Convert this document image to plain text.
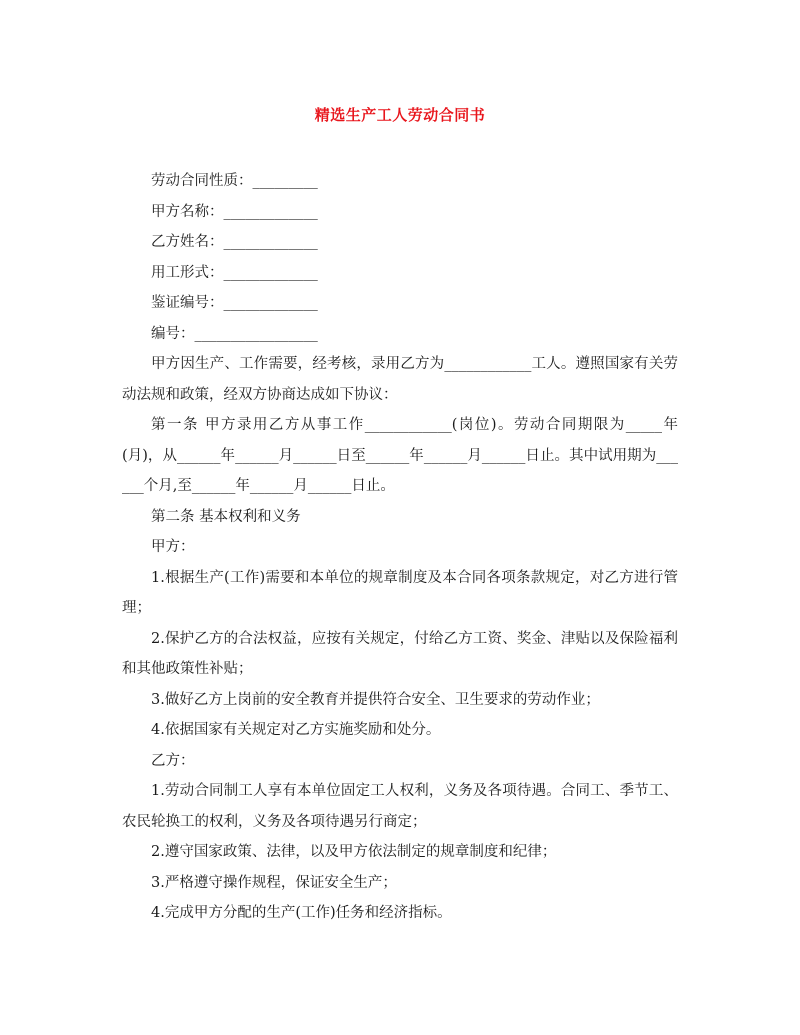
精选生产工人劳动合同书

劳动合同性质：_________

甲方名称：_____________

乙方姓名：_____________

用工形式：_____________

鉴证编号：_____________

编号：_________________

甲方因生产、工作需要，经考核，录用乙方为____________工人。遵照国家有关劳动法规和政策，经双方协商达成如下协议：

第一条 甲方录用乙方从事工作____________(岗位)。劳动合同期限为_____年(月)，从______年______月______日至______年______月______日止。其中试用期为______个月,至______年______月______日止。

第二条 基本权利和义务

甲方：

1.根据生产(工作)需要和本单位的规章制度及本合同各项条款规定，对乙方进行管理；

2.保护乙方的合法权益，应按有关规定，付给乙方工资、奖金、津贴以及保险福利和其他政策性补贴；

3.做好乙方上岗前的安全教育并提供符合安全、卫生要求的劳动作业；

4.依据国家有关规定对乙方实施奖励和处分。

乙方：

1.劳动合同制工人享有本单位固定工人权利，义务及各项待遇。合同工、季节工、农民轮换工的权利，义务及各项待遇另行商定；

2.遵守国家政策、法律，以及甲方依法制定的规章制度和纪律；

3.严格遵守操作规程，保证安全生产；

4.完成甲方分配的生产(工作)任务和经济指标。
